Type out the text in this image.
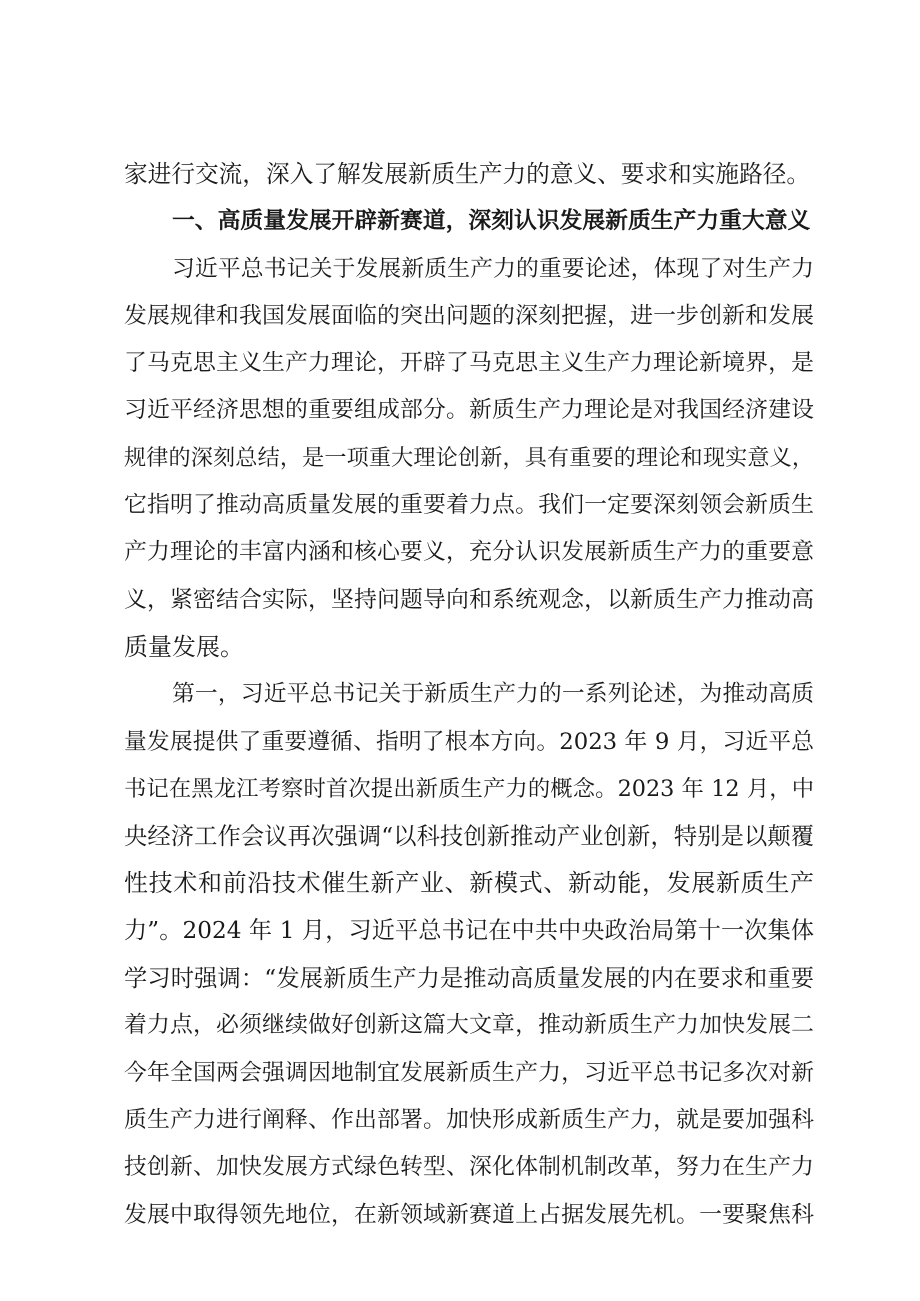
家进行交流，深入了解发展新质生产力的意义、要求和实施路径。
一、高质量发展开辟新赛道，深刻认识发展新质生产力重大意义
习近平总书记关于发展新质生产力的重要论述，体现了对生产力
发展规律和我国发展面临的突出问题的深刻把握，进一步创新和发展
了马克思主义生产力理论，开辟了马克思主义生产力理论新境界，是
习近平经济思想的重要组成部分。新质生产力理论是对我国经济建设
规律的深刻总结，是一项重大理论创新，具有重要的理论和现实意义，
它指明了推动高质量发展的重要着力点。我们一定要深刻领会新质生
产力理论的丰富内涵和核心要义，充分认识发展新质生产力的重要意
义，紧密结合实际，坚持问题导向和系统观念，以新质生产力推动高
质量发展。
第一，习近平总书记关于新质生产力的一系列论述，为推动高质
量发展提供了重要遵循、指明了根本方向。2023 年 9 月，习近平总
书记在黑龙江考察时首次提出新质生产力的概念。2023 年 12 月，中
央经济工作会议再次强调“以科技创新推动产业创新，特别是以颠覆
性技术和前沿技术催生新产业、新模式、新动能，发展新质生产
力”。2024 年 1 月，习近平总书记在中共中央政治局第十一次集体
学习时强调：“发展新质生产力是推动高质量发展的内在要求和重要
着力点，必须继续做好创新这篇大文章，推动新质生产力加快发展二
今年全国两会强调因地制宜发展新质生产力，习近平总书记多次对新
质生产力进行阐释、作出部署。加快形成新质生产力，就是要加强科
技创新、加快发展方式绿色转型、深化体制机制改革，努力在生产力
发展中取得领先地位，在新领域新赛道上占据发展先机。一要聚焦科
